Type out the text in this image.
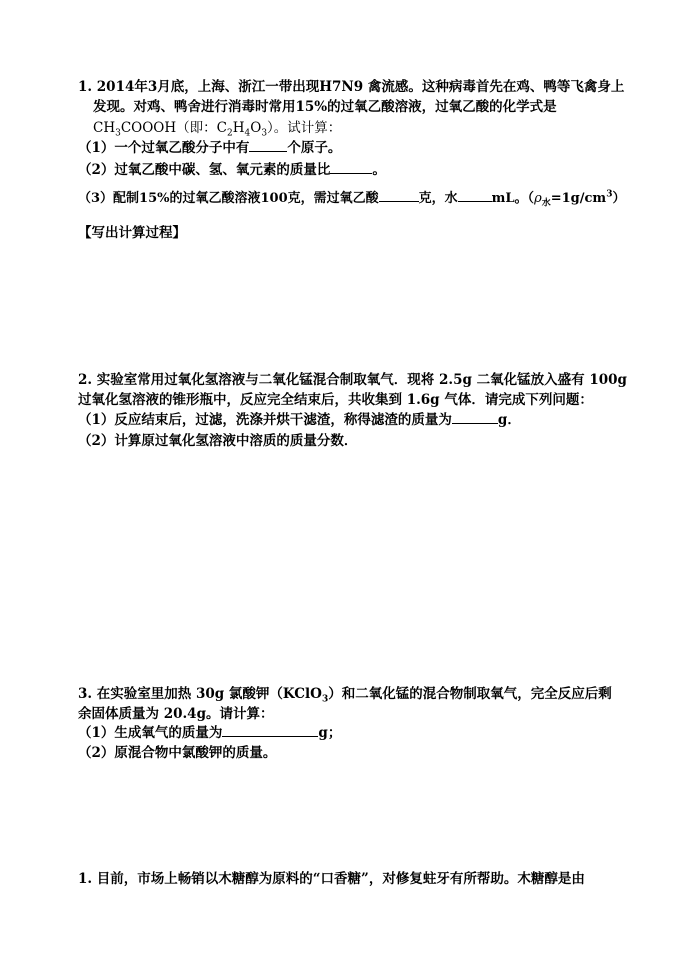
1. 2014年3月底，上海、浙江一带出现H7N9 禽流感。这种病毒首先在鸡、鸭等飞禽身上
发现。对鸡、鸭舍进行消毒时常用15%的过氧乙酸溶液，过氧乙酸的化学式是
$CH_3COOOH$（即：$C_2H_4O_3$）。试计算：
（1）一个过氧乙酸分子中有	个原子。
（2）过氧乙酸中碳、氢、氧元素的质量比	。
（3）配制15%的过氧乙酸溶液100克，需过氧乙酸	克，水	mL。$(\rho_水=1g/cm^3)$
【写出计算过程】
2. 实验室常用过氧化氢溶液与二氧化锰混合制取氧气．现将 2.5g 二氧化锰放入盛有 100g
过氧化氢溶液的锥形瓶中，反应完全结束后，共收集到 1.6g 气体．请完成下列问题：
（1）反应结束后，过滤，洗涤并烘干滤渣，称得滤渣的质量为	g．
（2）计算原过氧化氢溶液中溶质的质量分数．
3. 在实验室里加热 30g 氯酸钾（KClO$_3$）和二氧化锰的混合物制取氧气，完全反应后剩
余固体质量为 20.4g。请计算：
（1）生成氧气的质量为	g；
（2）原混合物中氯酸钾的质量。
1. 目前，市场上畅销以木糖醇为原料的“口香糖”，对修复蛀牙有所帮助。木糖醇是由
